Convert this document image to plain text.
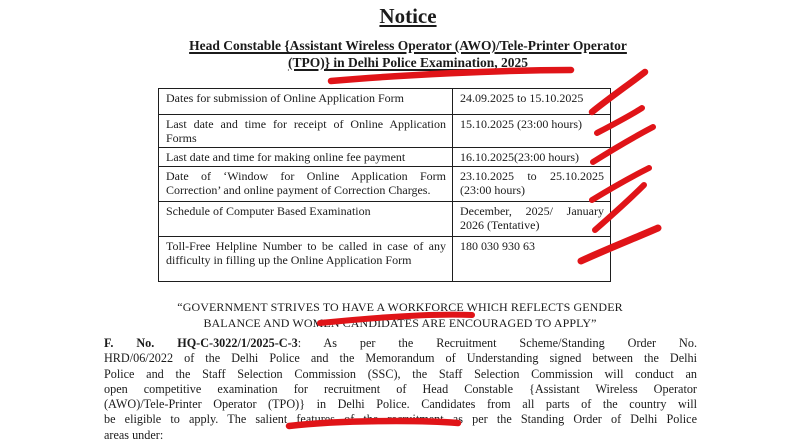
Notice
Head Constable {Assistant Wireless Operator (AWO)/Tele-Printer Operator
(TPO)} in Delhi Police Examination, 2025
Dates for submission of Online Application Form	24.09.2025 to 15.10.2025
Last date and time for receipt of Online Application Forms	15.10.2025 (23:00 hours)
Last date and time for making online fee payment	16.10.2025(23:00 hours)
Date of ‘Window for Online Application Form Correction’ and online payment of Correction Charges.	23.10.2025 to 25.10.2025 (23:00 hours)
Schedule of Computer Based Examination	December, 2025/ January 2026 (Tentative)
Toll-Free Helpline Number to be called in case of any difficulty in filling up the Online Application Form	180 030 930 63
“GOVERNMENT STRIVES TO HAVE A WORKFORCE WHICH REFLECTS GENDER
BALANCE AND WOMEN CANDIDATES ARE ENCOURAGED TO APPLY”
F. No. HQ-C-3022/1/2025-C-3: As per the Recruitment Scheme/Standing Order No.
HRD/06/2022 of the Delhi Police and the Memorandum of Understanding signed between the Delhi
Police and the Staff Selection Commission (SSC), the Staff Selection Commission will conduct an
open competitive examination for recruitment of Head Constable {Assistant Wireless Operator
(AWO)/Tele-Printer Operator (TPO)} in Delhi Police. Candidates from all parts of the country will
be eligible to apply. The salient features of the recruitment as per the Standing Order of Delhi Police
areas under:
